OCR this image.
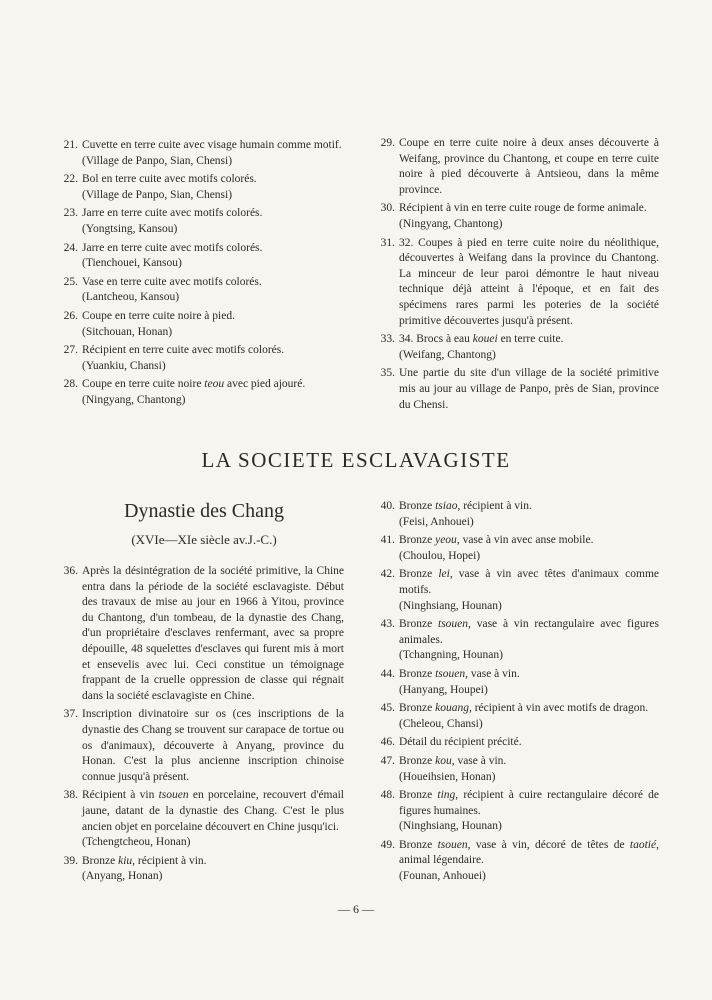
21. Cuvette en terre cuite avec visage humain comme motif.
(Village de Panpo, Sian, Chensi)
22. Bol en terre cuite avec motifs colorés.
(Village de Panpo, Sian, Chensi)
23. Jarre en terre cuite avec motifs colorés.
(Yongtsing, Kansou)
24. Jarre en terre cuite avec motifs colorés.
(Tienchouei, Kansou)
25. Vase en terre cuite avec motifs colorés.
(Lantcheou, Kansou)
26. Coupe en terre cuite noire à pied.
(Sitchouan, Honan)
27. Récipient en terre cuite avec motifs colorés.
(Yuankiu, Chansi)
28. Coupe en terre cuite noire teou avec pied ajouré.
(Ningyang, Chantong)
29. Coupe en terre cuite noire à deux anses découverte à Weifang, province du Chantong, et coupe en terre cuite noire à pied découverte à Antsieou, dans la même province.
30. Récipient à vin en terre cuite rouge de forme animale.
(Ningyang, Chantong)
31. 32. Coupes à pied en terre cuite noire du néolithique, découvertes à Weifang dans la province du Chantong. La minceur de leur paroi démontre le haut niveau technique déjà atteint à l'époque, et en fait des spécimens rares parmi les poteries de la société primitive découvertes jusqu'à présent.
33. 34. Brocs à eau kouei en terre cuite.
(Weifang, Chantong)
35. Une partie du site d'un village de la société primitive mis au jour au village de Panpo, près de Sian, province du Chensi.
LA SOCIETE ESCLAVAGISTE
Dynastie des Chang
(XVIe—XIe siècle av.J.-C.)
36. Après la désintégration de la société primitive, la Chine entra dans la période de la société esclavagiste. Début des travaux de mise au jour en 1966 à Yitou, province du Chantong, d'un tombeau, de la dynastie des Chang, d'un propriétaire d'esclaves renfermant, avec sa propre dépouille, 48 squelettes d'esclaves qui furent mis à mort et ensevelis avec lui. Ceci constitue un témoignage frappant de la cruelle oppression de classe qui régnait dans la société esclavagiste en Chine.
37. Inscription divinatoire sur os (ces inscriptions de la dynastie des Chang se trouvent sur carapace de tortue ou os d'animaux), découverte à Anyang, province du Honan. C'est la plus ancienne inscription chinoise connue jusqu'à présent.
38. Récipient à vin tsouen en porcelaine, recouvert d'émail jaune, datant de la dynastie des Chang. C'est le plus ancien objet en porcelaine découvert en Chine jusqu'ici.
(Tchengtcheou, Honan)
39. Bronze kiu, récipient à vin.
(Anyang, Honan)
40. Bronze tsiao, récipient à vin.
(Feisi, Anhouei)
41. Bronze yeou, vase à vin avec anse mobile.
(Choulou, Hopei)
42. Bronze lei, vase à vin avec têtes d'animaux comme motifs.
(Ninghsiang, Hounan)
43. Bronze tsouen, vase à vin rectangulaire avec figures animales.
(Tchangning, Hounan)
44. Bronze tsouen, vase à vin.
(Hanyang, Houpei)
45. Bronze kouang, récipient à vin avec motifs de dragon.
(Cheleou, Chansi)
46. Détail du récipient précité.
47. Bronze kou, vase à vin.
(Houeihsien, Honan)
48. Bronze ting, récipient à cuire rectangulaire décoré de figures humaines.
(Ninghsiang, Hounan)
49. Bronze tsouen, vase à vin, décoré de têtes de taotié, animal légendaire.
(Founan, Anhouei)
— 6 —
